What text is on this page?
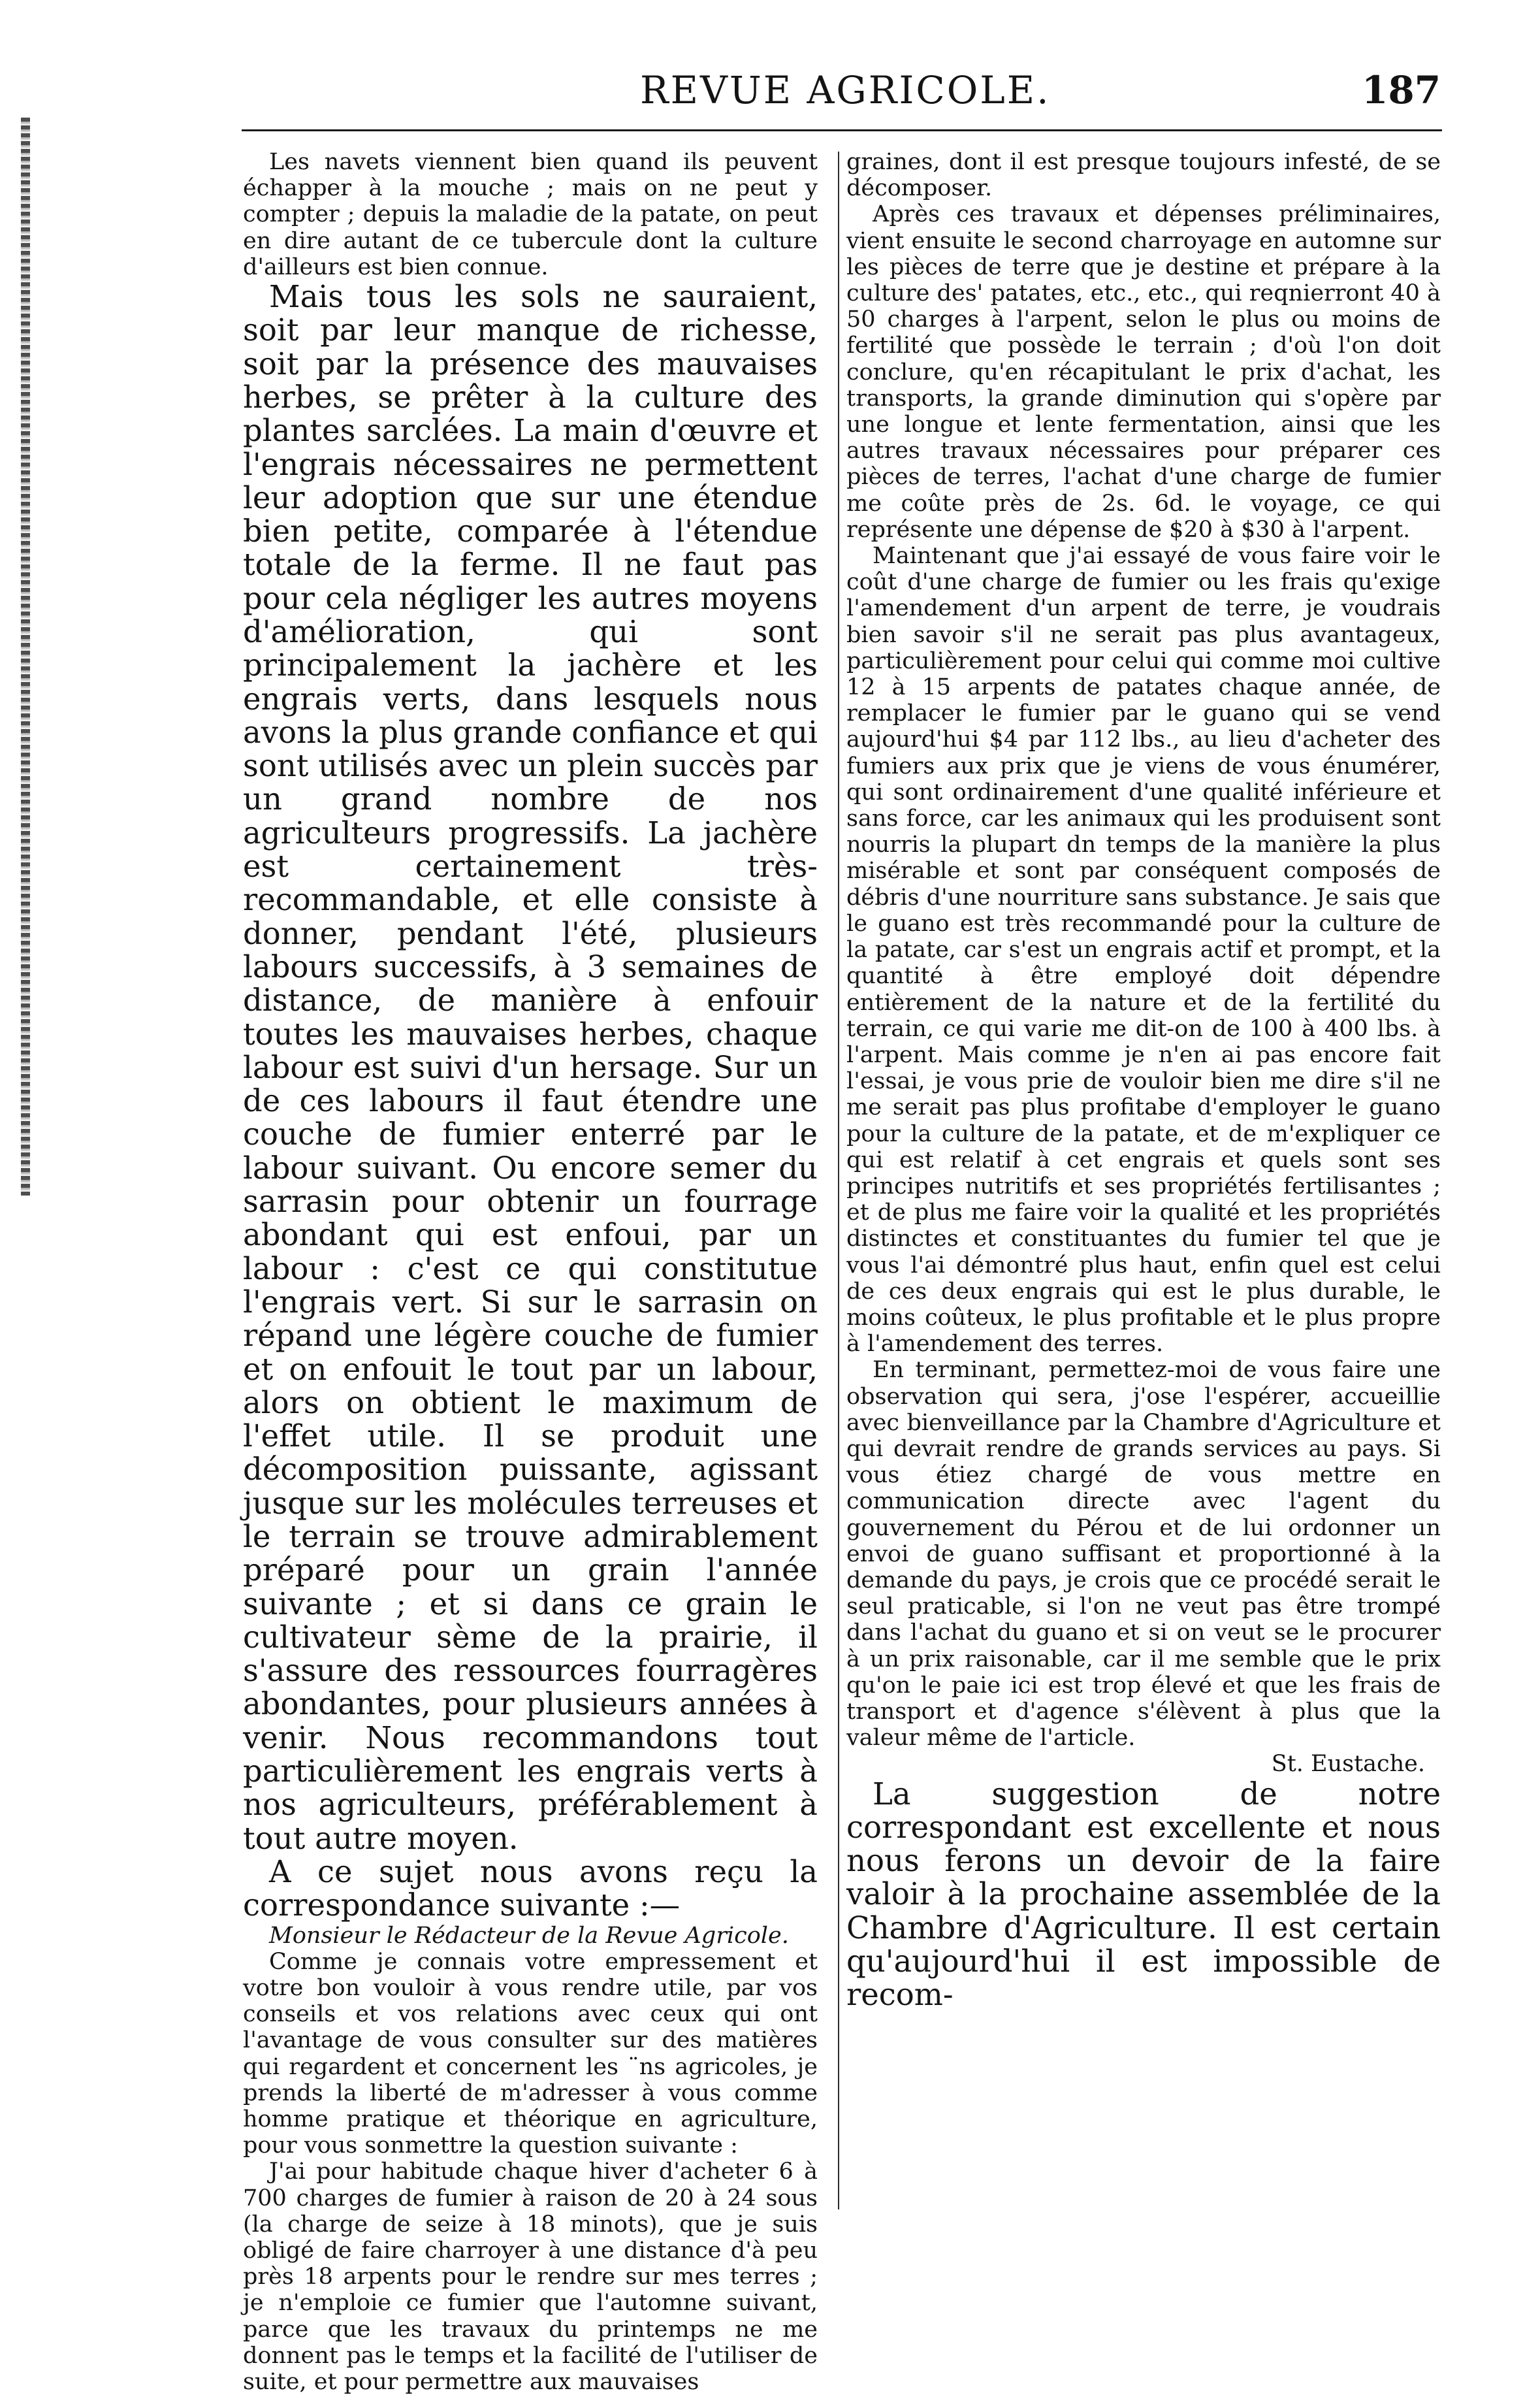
REVUE AGRICOLE.	187

Les navets viennent bien quand ils peuvent échapper à la mouche ; mais on ne peut y compter ; depuis la maladie de la patate, on peut en dire autant de ce tubercule dont la culture d'ailleurs est bien connue.

Mais tous les sols ne sauraient, soit par leur manque de richesse, soit par la présence des mauvaises herbes, se prêter à la culture des plantes sarclées. La main d'œuvre et l'engrais nécessaires ne permettent leur adoption que sur une étendue bien petite, comparée à l'étendue totale de la ferme. Il ne faut pas pour cela négliger les autres moyens d'amélioration, qui sont principalement la jachère et les engrais verts, dans lesquels nous avons la plus grande confiance et qui sont utilisés avec un plein succès par un grand nombre de nos agriculteurs progressifs. La jachère est certainement très-recommandable, et elle consiste à donner, pendant l'été, plusieurs labours successifs, à 3 semaines de distance, de manière à enfouir toutes les mauvaises herbes, chaque labour est suivi d'un hersage. Sur un de ces labours il faut étendre une couche de fumier enterré par le labour suivant. Ou encore semer du sarrasin pour obtenir un fourrage abondant qui est enfoui, par un labour : c'est ce qui constitutue l'engrais vert. Si sur le sarrasin on répand une légère couche de fumier et on enfouit le tout par un labour, alors on obtient le maximum de l'effet utile. Il se produit une décomposition puissante, agissant jusque sur les molécules terreuses et le terrain se trouve admirablement préparé pour un grain l'année suivante ; et si dans ce grain le cultivateur sème de la prairie, il s'assure des ressources fourragères abondantes, pour plusieurs années à venir. Nous recommandons tout particulièrement les engrais verts à nos agriculteurs, préférablement à tout autre moyen.

A ce sujet nous avons reçu la correspondance suivante :—

Monsieur le Rédacteur de la Revue Agricole.

Comme je connais votre empressement et votre bon vouloir à vous rendre utile, par vos conseils et vos relations avec ceux qui ont l'avantage de vous consulter sur des matières qui regardent et concernent les ¨ns agricoles, je prends la liberté de m'adresser à vous comme homme pratique et théorique en agriculture, pour vous sonmettre la question suivante :

J'ai pour habitude chaque hiver d'acheter 6 à 700 charges de fumier à raison de 20 à 24 sous (la charge de seize à 18 minots), que je suis obligé de faire charroyer à une distance d'à peu près 18 arpents pour le rendre sur mes terres ; je n'emploie ce fumier que l'automne suivant, parce que les travaux du printemps ne me donnent pas le temps et la facilité de l'utiliser de suite, et pour permettre aux mauvaises

graines, dont il est presque toujours infesté, de se décomposer.

Après ces travaux et dépenses préliminaires, vient ensuite le second charroyage en automne sur les pièces de terre que je destine et prépare à la culture des' patates, etc., etc., qui reqnierront 40 à 50 charges à l'arpent, selon le plus ou moins de fertilité que possède le terrain ; d'où l'on doit conclure, qu'en récapitulant le prix d'achat, les transports, la grande diminution qui s'opère par une longue et lente fermentation, ainsi que les autres travaux nécessaires pour préparer ces pièces de terres, l'achat d'une charge de fumier me coûte près de 2s. 6d. le voyage, ce qui représente une dépense de $20 à $30 à l'arpent.

Maintenant que j'ai essayé de vous faire voir le coût d'une charge de fumier ou les frais qu'exige l'amendement d'un arpent de terre, je voudrais bien savoir s'il ne serait pas plus avantageux, particulièrement pour celui qui comme moi cultive 12 à 15 arpents de patates chaque année, de remplacer le fumier par le guano qui se vend aujourd'hui $4 par 112 lbs., au lieu d'acheter des fumiers aux prix que je viens de vous énumérer, qui sont ordinairement d'une qualité inférieure et sans force, car les animaux qui les produisent sont nourris la plupart dn temps de la manière la plus misérable et sont par conséquent composés de débris d'une nourriture sans substance. Je sais que le guano est très recommandé pour la culture de la patate, car s'est un engrais actif et prompt, et la quantité à être employé doit dépendre entièrement de la nature et de la fertilité du terrain, ce qui varie me dit-on de 100 à 400 lbs. à l'arpent. Mais comme je n'en ai pas encore fait l'essai, je vous prie de vouloir bien me dire s'il ne me serait pas plus profitabe d'employer le guano pour la culture de la patate, et de m'expliquer ce qui est relatif à cet engrais et quels sont ses principes nutritifs et ses propriétés fertilisantes ; et de plus me faire voir la qualité et les propriétés distinctes et constituantes du fumier tel que je vous l'ai démontré plus haut, enfin quel est celui de ces deux engrais qui est le plus durable, le moins coûteux, le plus profitable et le plus propre à l'amendement des terres.

En terminant, permettez-moi de vous faire une observation qui sera, j'ose l'espérer, accueillie avec bienveillance par la Chambre d'Agriculture et qui devrait rendre de grands services au pays. Si vous étiez chargé de vous mettre en communication directe avec l'agent du gouvernement du Pérou et de lui ordonner un envoi de guano suffisant et proportionné à la demande du pays, je crois que ce procédé serait le seul praticable, si l'on ne veut pas être trompé dans l'achat du guano et si on veut se le procurer à un prix raisonable, car il me semble que le prix qu'on le paie ici est trop élevé et que les frais de transport et d'agence s'élèvent à plus que la valeur même de l'article.

St. Eustache.

La suggestion de notre correspondant est excellente et nous nous ferons un devoir de la faire valoir à la prochaine assemblée de la Chambre d'Agriculture. Il est certain qu'aujourd'hui il est impossible de recom-
